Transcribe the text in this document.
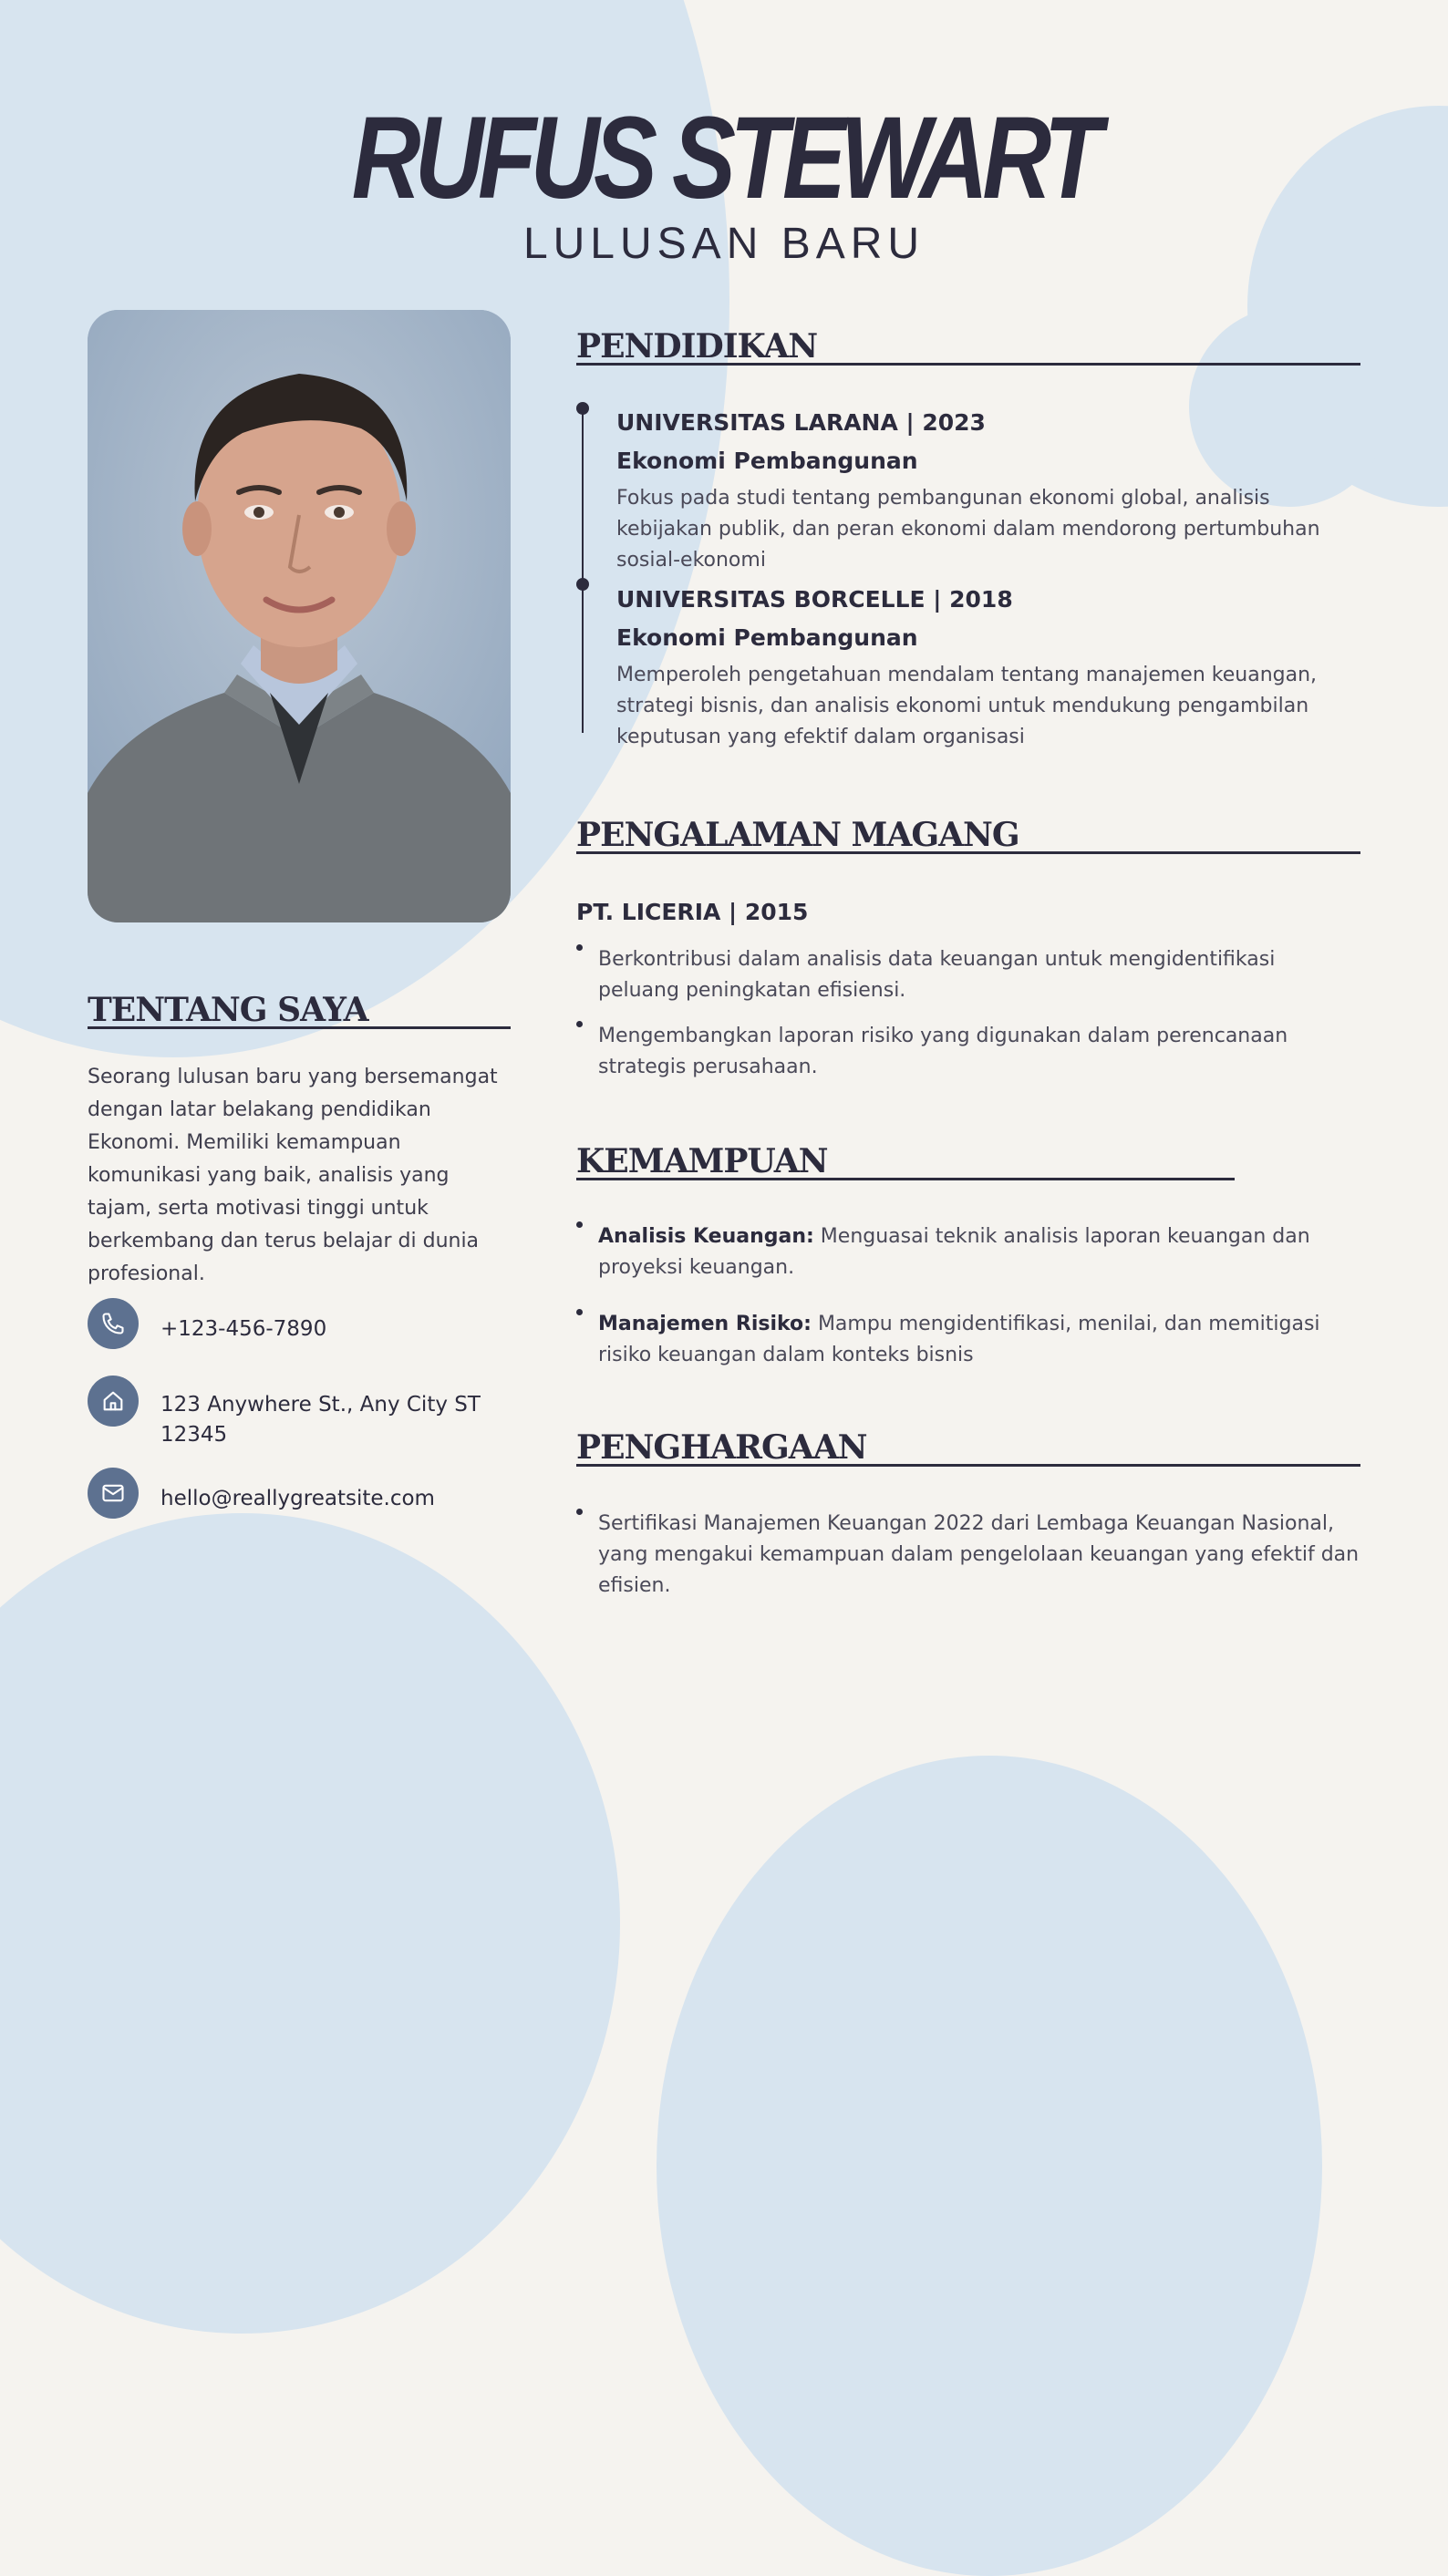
RUFUS STEWART
LULUSAN BARU
TENTANG SAYA
Seorang lulusan baru yang bersemangat dengan latar belakang pendidikan Ekonomi. Memiliki kemampuan komunikasi yang baik, analisis yang tajam, serta motivasi tinggi untuk berkembang dan terus belajar di dunia profesional.
+123-456-7890
123 Anywhere St., Any City ST 12345
hello@reallygreatsite.com
PENDIDIKAN
UNIVERSITAS LARANA | 2023
Ekonomi Pembangunan
Fokus pada studi tentang pembangunan ekonomi global, analisis kebijakan publik, dan peran ekonomi dalam mendorong pertumbuhan sosial-ekonomi
UNIVERSITAS BORCELLE | 2018
Ekonomi Pembangunan
Memperoleh pengetahuan mendalam tentang manajemen keuangan, strategi bisnis, dan analisis ekonomi untuk mendukung pengambilan keputusan yang efektif dalam organisasi
PENGALAMAN MAGANG
PT. LICERIA | 2015
Berkontribusi dalam analisis data keuangan untuk mengidentifikasi peluang peningkatan efisiensi.
Mengembangkan laporan risiko yang digunakan dalam perencanaan strategis perusahaan.
KEMAMPUAN
Analisis Keuangan: Menguasai teknik analisis laporan keuangan dan proyeksi keuangan.
Manajemen Risiko: Mampu mengidentifikasi, menilai, dan memitigasi risiko keuangan dalam konteks bisnis
PENGHARGAAN
Sertifikasi Manajemen Keuangan 2022 dari Lembaga Keuangan Nasional, yang mengakui kemampuan dalam pengelolaan keuangan yang efektif dan efisien.
